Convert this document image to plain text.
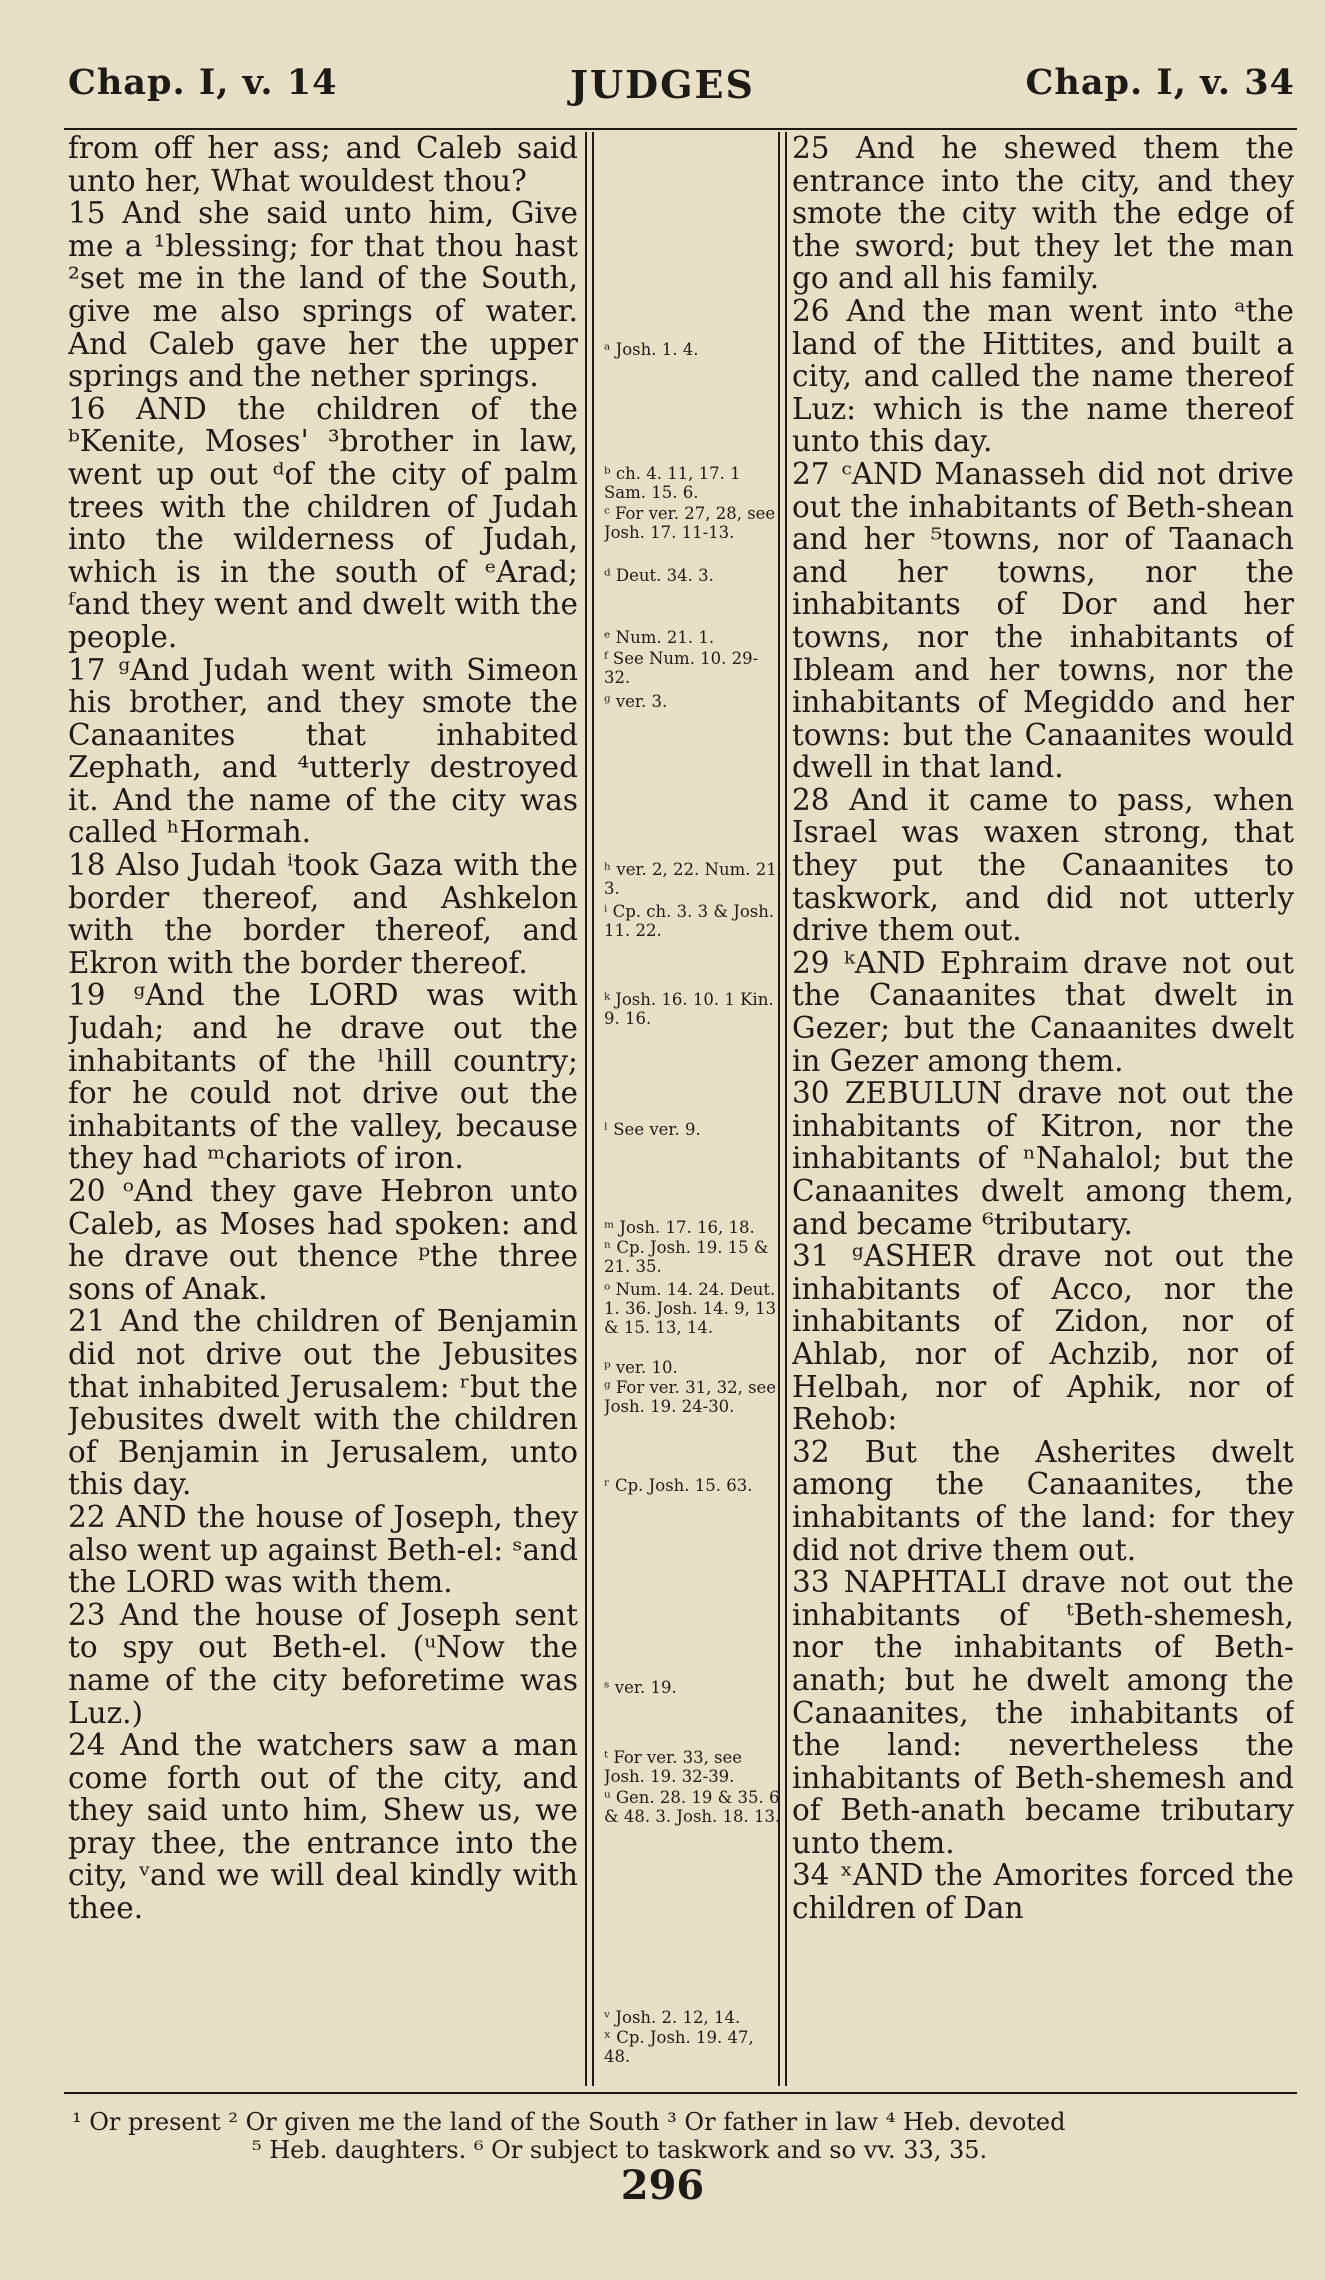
Chap. I, v. 14	JUDGES	Chap. I, v. 34

from off her ass; and Caleb said unto her, What wouldest thou?

15 And she said unto him, Give me a ¹blessing; for that thou hast ²set me in the land of the South, give me also springs of water. And Caleb gave her the upper springs and the nether springs.

16 AND the children of the ᵇKenite, Moses' ³brother in law, went up out ᵈof the city of palm trees with the children of Judah into the wilderness of Judah, which is in the south of ᵉArad; ᶠand they went and dwelt with the people.

17 ᵍAnd Judah went with Simeon his brother, and they smote the Canaanites that inhabited Zephath, and ⁴utterly destroyed it. And the name of the city was called ʰHormah.

18 Also Judah ⁱtook Gaza with the border thereof, and Ashkelon with the border thereof, and Ekron with the border thereof.

19 ᵍAnd the LORD was with Judah; and he drave out the inhabitants of the ˡhill country; for he could not drive out the inhabitants of the valley, because they had ᵐchariots of iron.

20 ᵒAnd they gave Hebron unto Caleb, as Moses had spoken: and he drave out thence ᵖthe three sons of Anak.

21 And the children of Benjamin did not drive out the Jebusites that inhabited Jerusalem: ʳbut the Jebusites dwelt with the children of Benjamin in Jerusalem, unto this day.

22 AND the house of Joseph, they also went up against Beth-el: ˢand the LORD was with them.

23 And the house of Joseph sent to spy out Beth-el. (ᵘNow the name of the city beforetime was Luz.)

24 And the watchers saw a man come forth out of the city, and they said unto him, Shew us, we pray thee, the entrance into the city, ᵛand we will deal kindly with thee.

ᵃ Josh. 1. 4.
ᵇ ch. 4. 11, 17. 1 Sam. 15. 6.
ᶜ For ver. 27, 28, see Josh. 17. 11-13.
ᵈ Deut. 34. 3.
ᵉ Num. 21. 1.
ᶠ See Num. 10. 29-32.
ᵍ ver. 3.
ʰ ver. 2, 22. Num. 21. 3.
ⁱ Cp. ch. 3. 3 & Josh. 11. 22.
ᵏ Josh. 16. 10. 1 Kin. 9. 16.
ˡ See ver. 9.
ᵐ Josh. 17. 16, 18.
ⁿ Cp. Josh. 19. 15 & 21. 35.
ᵒ Num. 14. 24. Deut. 1. 36. Josh. 14. 9, 13 & 15. 13, 14.
ᵖ ver. 10.
ᵍ For ver. 31, 32, see Josh. 19. 24-30.
ʳ Cp. Josh. 15. 63.
ˢ ver. 19.
ᵗ For ver. 33, see Josh. 19. 32-39.
ᵘ Gen. 28. 19 & 35. 6 & 48. 3. Josh. 18. 13.
ᵛ Josh. 2. 12, 14.
ˣ Cp. Josh. 19. 47, 48.

25 And he shewed them the entrance into the city, and they smote the city with the edge of the sword; but they let the man go and all his family.

26 And the man went into ᵃthe land of the Hittites, and built a city, and called the name thereof Luz: which is the name thereof unto this day.

27 ᶜAND Manasseh did not drive out the inhabitants of Beth-shean and her ⁵towns, nor of Taanach and her towns, nor the inhabitants of Dor and her towns, nor the inhabitants of Ibleam and her towns, nor the inhabitants of Megiddo and her towns: but the Canaanites would dwell in that land.

28 And it came to pass, when Israel was waxen strong, that they put the Canaanites to taskwork, and did not utterly drive them out.

29 ᵏAND Ephraim drave not out the Canaanites that dwelt in Gezer; but the Canaanites dwelt in Gezer among them.

30 ZEBULUN drave not out the inhabitants of Kitron, nor the inhabitants of ⁿNahalol; but the Canaanites dwelt among them, and became ⁶tributary.

31 ᵍASHER drave not out the inhabitants of Acco, nor the inhabitants of Zidon, nor of Ahlab, nor of Achzib, nor of Helbah, nor of Aphik, nor of Rehob:

32 But the Asherites dwelt among the Canaanites, the inhabitants of the land: for they did not drive them out.

33 NAPHTALI drave not out the inhabitants of ᵗBeth-shemesh, nor the inhabitants of Beth-anath; but he dwelt among the Canaanites, the inhabitants of the land: nevertheless the inhabitants of Beth-shemesh and of Beth-anath became tributary unto them.

34 ˣAND the Amorites forced the children of Dan

¹ Or present ² Or given me the land of the South ³ Or father in law ⁴ Heb. devoted
⁵ Heb. daughters. ⁶ Or subject to taskwork and so vv. 33, 35.
296
